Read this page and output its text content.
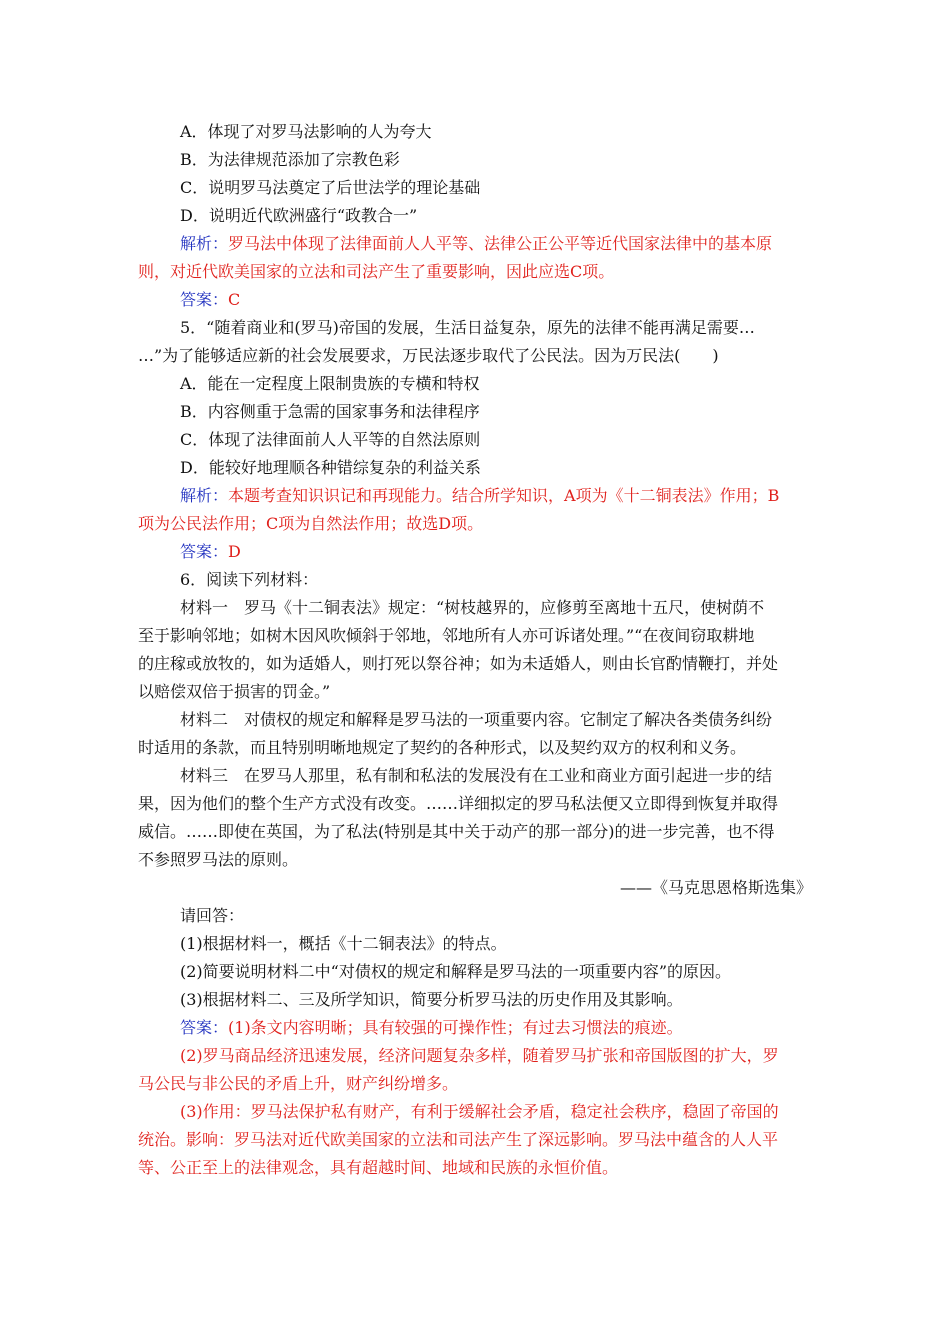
A．体现了对罗马法影响的人为夸大
B．为法律规范添加了宗教色彩
C．说明罗马法奠定了后世法学的理论基础
D．说明近代欧洲盛行“政教合一”
解析：罗马法中体现了法律面前人人平等、法律公正公平等近代国家法律中的基本原
则，对近代欧美国家的立法和司法产生了重要影响，因此应选C项。
答案：C
5．“随着商业和(罗马)帝国的发展，生活日益复杂，原先的法律不能再满足需要…
…”为了能够适应新的社会发展要求，万民法逐步取代了公民法。因为万民法(　　)
A．能在一定程度上限制贵族的专横和特权
B．内容侧重于急需的国家事务和法律程序
C．体现了法律面前人人平等的自然法原则
D．能较好地理顺各种错综复杂的利益关系
解析：本题考查知识识记和再现能力。结合所学知识，A项为《十二铜表法》作用；B
项为公民法作用；C项为自然法作用；故选D项。
答案：D
6．阅读下列材料：
材料一　罗马《十二铜表法》规定：“树枝越界的，应修剪至离地十五尺，使树荫不
至于影响邻地；如树木因风吹倾斜于邻地，邻地所有人亦可诉诸处理。”“在夜间窃取耕地
的庄稼或放牧的，如为适婚人，则打死以祭谷神；如为未适婚人，则由长官酌情鞭打，并处
以赔偿双倍于损害的罚金。”
材料二　对债权的规定和解释是罗马法的一项重要内容。它制定了解决各类债务纠纷
时适用的条款，而且特别明晰地规定了契约的各种形式，以及契约双方的权利和义务。
材料三　在罗马人那里，私有制和私法的发展没有在工业和商业方面引起进一步的结
果，因为他们的整个生产方式没有改变。……详细拟定的罗马私法便又立即得到恢复并取得
威信。……即使在英国，为了私法(特别是其中关于动产的那一部分)的进一步完善，也不得
不参照罗马法的原则。
——《马克思恩格斯选集》
请回答：
(1)根据材料一，概括《十二铜表法》的特点。
(2)简要说明材料二中“对债权的规定和解释是罗马法的一项重要内容”的原因。
(3)根据材料二、三及所学知识，简要分析罗马法的历史作用及其影响。
答案：(1)条文内容明晰；具有较强的可操作性；有过去习惯法的痕迹。
(2)罗马商品经济迅速发展，经济问题复杂多样，随着罗马扩张和帝国版图的扩大，罗
马公民与非公民的矛盾上升，财产纠纷增多。
(3)作用：罗马法保护私有财产，有利于缓解社会矛盾，稳定社会秩序，稳固了帝国的
统治。影响：罗马法对近代欧美国家的立法和司法产生了深远影响。罗马法中蕴含的人人平
等、公正至上的法律观念，具有超越时间、地域和民族的永恒价值。
